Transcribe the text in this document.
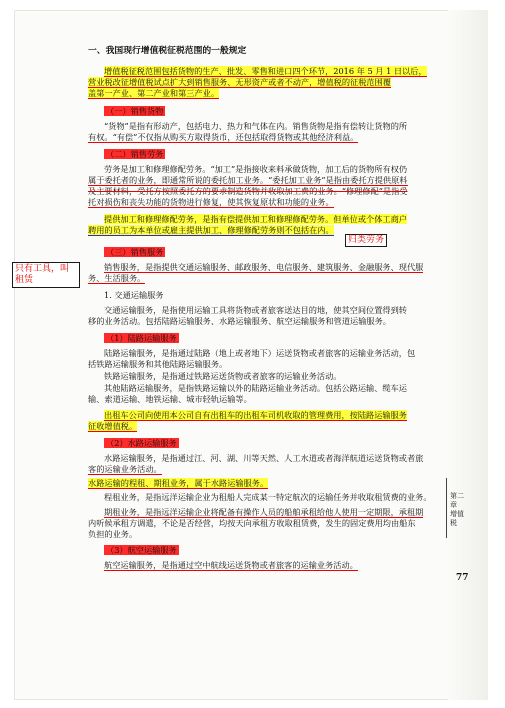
一、我国现行增值税征税范围的一般规定
增值税征税范围包括货物的生产、批发、零售和进口四个环节，2016 年 5 月 1 日以后，
营业税改征增值税试点扩大到销售服务、无形资产或者不动产，增值税的征税范围覆
盖第一产业、第二产业和第三产业。
（一）销售货物
“货物”是指有形动产，包括电力、热力和气体在内。销售货物是指有偿转让货物的所
有权。“有偿”不仅指从购买方取得货币，还包括取得货物或其他经济利益。
（二）销售劳务
劳务是加工和修理修配劳务。“加工”是指接收来料承做货物，加工后的货物所有权仍
属于委托者的业务，即通常所说的委托加工业务。“委托加工业务”是指由委托方提供原料
及主要材料，受托方按照委托方的要求制造货物并收取加工费的业务。“修理修配”是指受
托对损伤和丧失功能的货物进行修复，使其恢复原状和功能的业务。
提供加工和修理修配劳务，是指有偿提供加工和修理修配劳务。但单位或个体工商户
聘用的员工为本单位或雇主提供加工、修理修配劳务则不包括在内。
归类劳务
（三）销售服务
销售服务，是指提供交通运输服务、邮政服务、电信服务、建筑服务、金融服务、现代服
务、生活服务。
1. 交通运输服务
交通运输服务，是指使用运输工具将货物或者旅客送达目的地，使其空间位置得到转
移的业务活动。包括陆路运输服务、水路运输服务、航空运输服务和管道运输服务。
只有工具，叫租赁
（1）陆路运输服务
陆路运输服务，是指通过陆路（地上或者地下）运送货物或者旅客的运输业务活动，包
括铁路运输服务和其他陆路运输服务。
铁路运输服务，是指通过铁路运送货物或者旅客的运输业务活动。
其他陆路运输服务，是指铁路运输以外的陆路运输业务活动。包括公路运输、缆车运
输、索道运输、地铁运输、城市轻轨运输等。
出租车公司向使用本公司自有出租车的出租车司机收取的管理费用，按陆路运输服务
征收增值税。
（2）水路运输服务
水路运输服务，是指通过江、河、湖、川等天然、人工水道或者海洋航道运送货物或者旅
客的运输业务活动。
水路运输的程租、期租业务，属于水路运输服务。
程租业务，是指远洋运输企业为租船人完成某一特定航次的运输任务并收取租赁费的业务。
期租业务，是指远洋运输企业将配备有操作人员的船舶承租给他人使用一定期限，承租期
内听候承租方调遣，不论是否经营，均按天向承租方收取租赁费，发生的固定费用均由船东
负担的业务。
（3）航空运输服务
航空运输服务，是指通过空中航线运送货物或者旅客的运输业务活动。
第二章 增值税
77
